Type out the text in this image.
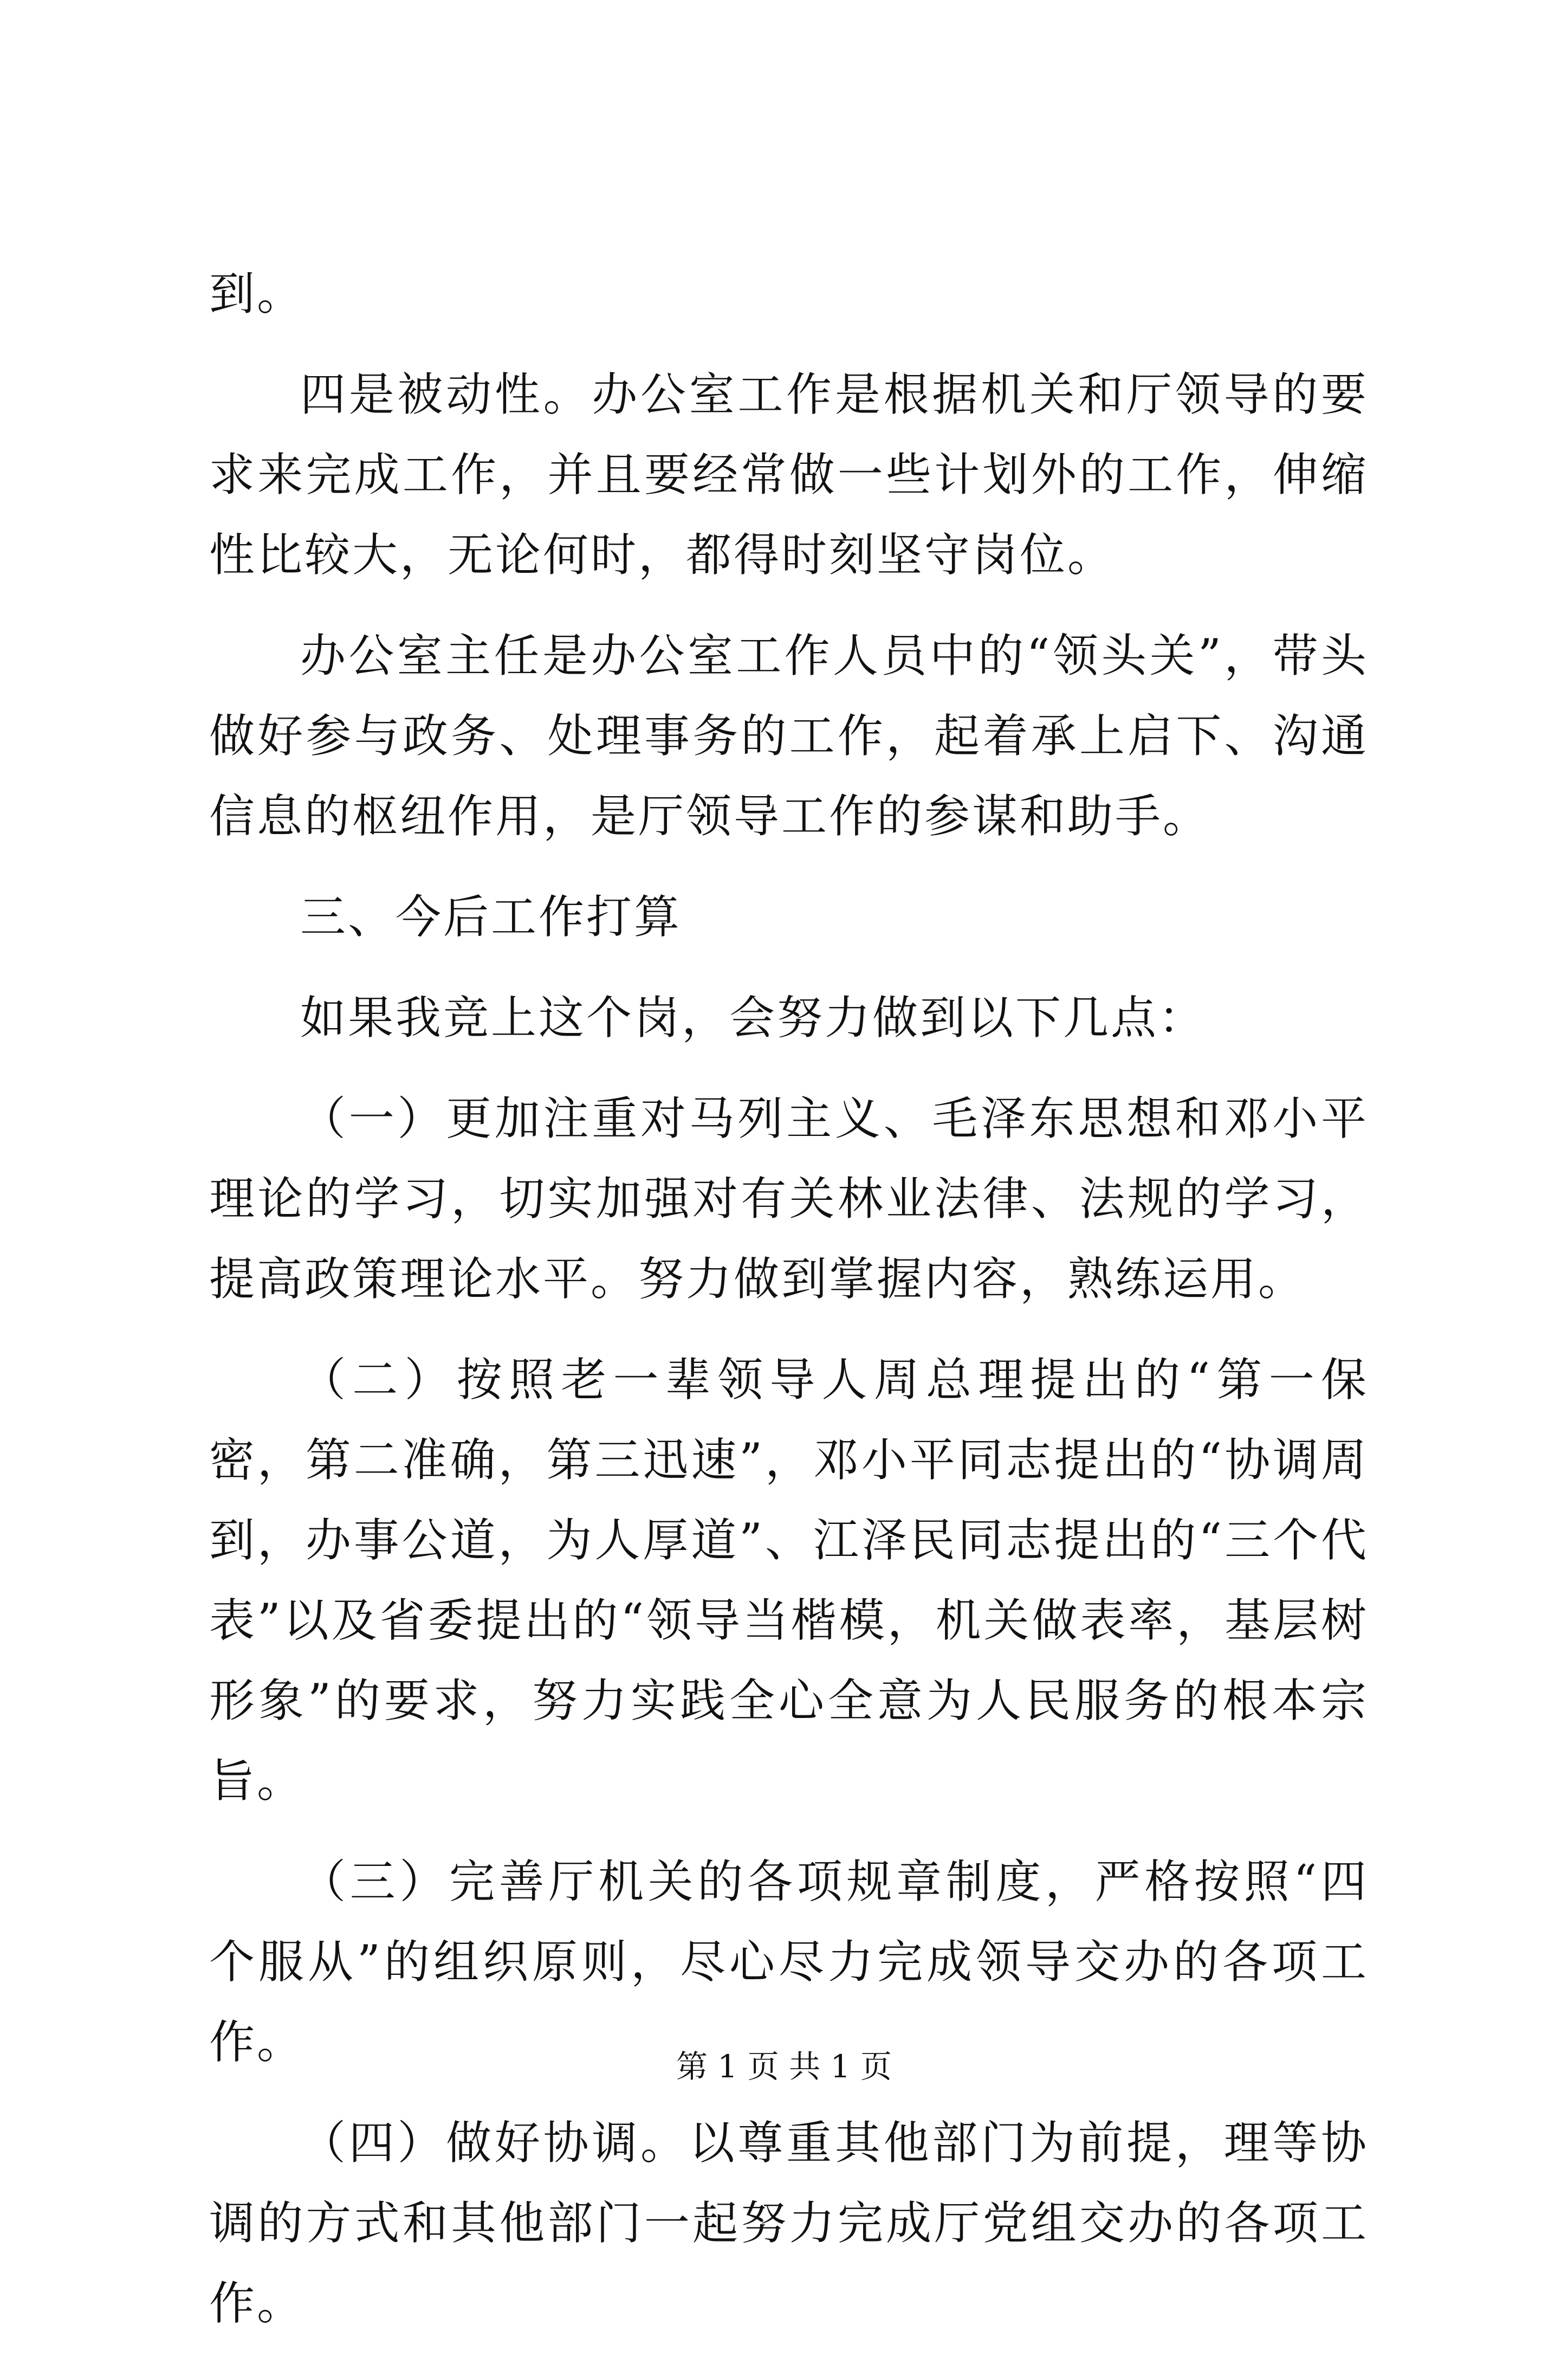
到。

四是被动性。办公室工作是根据机关和厅领导的要求来完成工作，并且要经常做一些计划外的工作，伸缩性比较大，无论何时，都得时刻坚守岗位。

办公室主任是办公室工作人员中的“领头关”，带头做好参与政务、处理事务的工作，起着承上启下、沟通信息的枢纽作用，是厅领导工作的参谋和助手。

三、今后工作打算

如果我竞上这个岗，会努力做到以下几点：

（一）更加注重对马列主义、毛泽东思想和邓小平理论的学习，切实加强对有关林业法律、法规的学习，提高政策理论水平。努力做到掌握内容，熟练运用。

（二）按照老一辈领导人周总理提出的“第一保密，第二准确，第三迅速”，邓小平同志提出的“协调周到，办事公道，为人厚道”、江泽民同志提出的“三个代表”以及省委提出的“领导当楷模，机关做表率，基层树形象”的要求，努力实践全心全意为人民服务的根本宗旨。

（三）完善厅机关的各项规章制度，严格按照“四个服从”的组织原则，尽心尽力完成领导交办的各项工作。

（四）做好协调。以尊重其他部门为前提，理等协调的方式和其他部门一起努力完成厅党组交办的各项工作。

第 1 页 共 1 页
